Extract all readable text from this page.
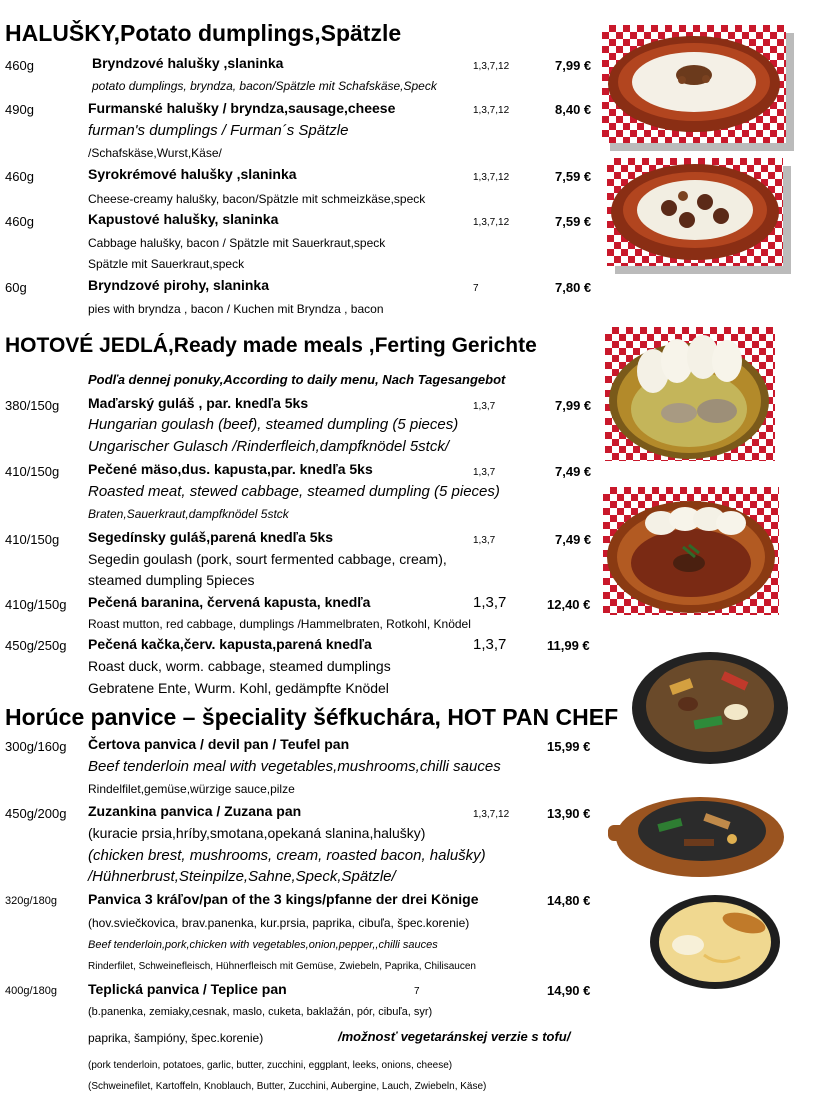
HALUŠKY,Potato dumplings,Spätzle
HOTOVÉ JEDLÁ,Ready made meals ,Ferting Gerichte
Podľa dennej ponuky,According to daily menu, Nach Tagesangebot
Horúce panvice – špeciality šéfkuchára, HOT PAN CHEF
460g	Bryndzové halušky ,slaninka	1,3,7,12	7,99 €
potato dumplings, bryndza, bacon/Spätzle mit Schafskäse,Speck
490g	Furmanské halušky / bryndza,sausage,cheese	1,3,7,12	8,40 €
furman's dumplings / Furman´s Spätzle
/Schafskäse,Wurst,Käse/
460g	Syrokrémové halušky ,slaninka	1,3,7,12	7,59 €
Cheese-creamy halušky, bacon/Spätzle mit schmeizkäse,speck
460g	Kapustové halušky, slaninka	1,3,7,12	7,59 €
Cabbage halušky, bacon / Spätzle mit Sauerkraut,speck
Spätzle mit Sauerkraut,speck
60g	Bryndzové pirohy, slaninka	7	7,80 €
pies with bryndza , bacon / Kuchen mit Bryndza , bacon
380/150g Maďarský guláš , par. knedľa 5ks	1,3,7	7,99 €
Hungarian goulash (beef), steamed dumpling (5 pieces)
Ungarischer Gulasch /Rinderfleich,dampfknödel 5stck/
410/150g Pečené mäso,dus. kapusta,par. knedľa 5ks	1,3,7	7,49 €
Roasted meat, stewed cabbage, steamed dumpling (5 pieces)
Braten,Sauerkraut,dampfknödel 5stck
410/150g Segedínsky guláš,parená knedľa 5ks	1,3,7	7,49 €
Segedin goulash (pork, sourt fermented cabbage, cream),
steamed dumpling 5pieces
410g/150g Pečená baranina, červená kapusta, knedľa	1,3,7	12,40 €
Roast mutton, red cabbage, dumplings /Hammelbraten, Rotkohl, Knödel
450g/250g Pečená kačka,červ. kapusta,parená knedľa	1,3,7	11,99 €
Roast duck, worm. cabbage, steamed dumplings
Gebratene Ente, Wurm. Kohl, gedämpfte Knödel
300g/160g Čertova panvica / devil pan / Teufel pan	15,99 €
Beef tenderloin meal with vegetables,mushrooms,chilli sauces
Rindelfilet,gemüse,würzige sauce,pilze
450g/200g Zuzankina panvica / Zuzana pan	1,3,7,12	13,90 €
(kuracie prsia,hríby,smotana,opekaná slanina,halušky)
(chicken brest, mushrooms, cream, roasted bacon, halušky)
/Hühnerbrust,Steinpilze,Sahne,Speck,Spätzle/
320g/180g Panvica 3 kráľov/pan of the 3 kings/pfanne der drei Könige	14,80 €
(hov.sviečkovica, brav.panenka, kur.prsia, paprika, cibuľa, špec.korenie)
Beef tenderloin,pork,chicken with vegetables,onion,pepper,,chilli sauces
Rinderfilet, Schweinefleisch, Hühnerfleisch mit Gemüse, Zwiebeln, Paprika, Chilisaucen
400g/180g Teplická panvica / Teplice pan	7	14,90 €
(b.panenka, zemiaky,cesnak, maslo, cuketa, baklažán, pór, cibuľa, syr)
paprika, šampióny, špec.korenie)	/možnosť vegetaránskej verzie s tofu/
(pork tenderloin, potatoes, garlic, butter, zucchini, eggplant, leeks, onions, cheese)
(Schweinefilet, Kartoffeln, Knoblauch, Butter, Zucchini, Aubergine, Lauch, Zwiebeln, Käse)
